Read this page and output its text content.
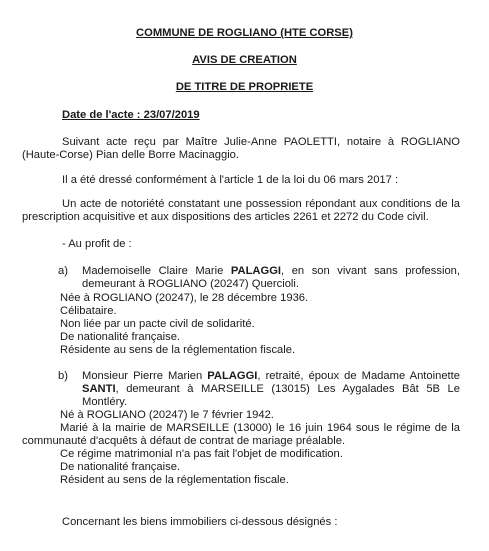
COMMUNE DE ROGLIANO (HTE CORSE)
AVIS DE CREATION
DE TITRE DE PROPRIETE
Date de l'acte : 23/07/2019
Suivant acte reçu par Maître Julie-Anne PAOLETTI, notaire à ROGLIANO (Haute-Corse) Pian delle Borre Macinaggio.
Il a été dressé conformément à l'article 1 de la loi du 06 mars 2017 :
Un acte de notoriété constatant une possession répondant aux conditions de la prescription acquisitive et aux dispositions des articles 2261 et 2272 du Code civil.
- Au profit de :
a) Mademoiselle Claire Marie PALAGGI, en son vivant sans profession, demeurant à ROGLIANO (20247) Quercioli.
Née à ROGLIANO (20247), le 28 décembre 1936.
Célibataire.
Non liée par un pacte civil de solidarité.
De nationalité française.
Résidente au sens de la réglementation fiscale.
b) Monsieur Pierre Marien PALAGGI, retraité, époux de Madame Antoinette SANTI, demeurant à MARSEILLE (13015) Les Aygalades Bât 5B Le Montléry.
Né à ROGLIANO (20247) le 7 février 1942.
Marié à la mairie de MARSEILLE (13000) le 16 juin 1964 sous le régime de la communauté d'acquêts à défaut de contrat de mariage préalable.
Ce régime matrimonial n'a pas fait l'objet de modification.
De nationalité française.
Résident au sens de la réglementation fiscale.
Concernant les biens immobiliers ci-dessous désignés :
